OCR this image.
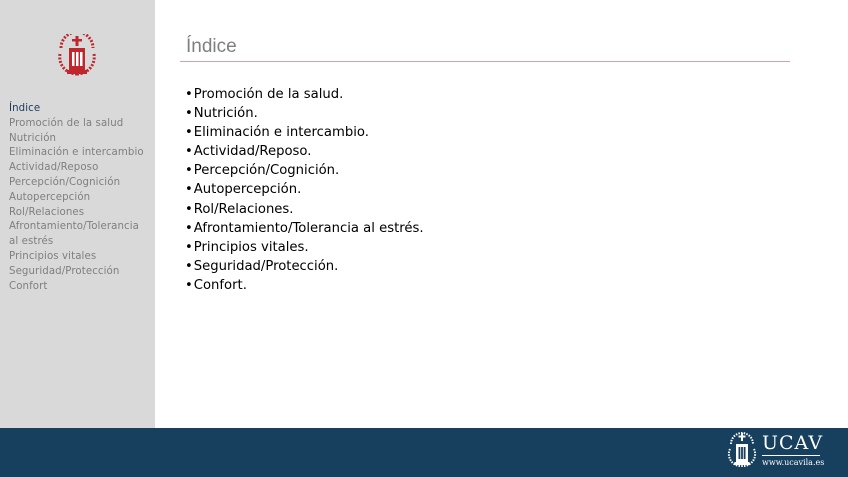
Índice
Promoción de la salud
Nutrición
Eliminación e intercambio
Actividad/Reposo
Percepción/Cognición
Autopercepción
Rol/Relaciones
Afrontamiento/Tolerancia al estrés
Principios vitales
Seguridad/Protección
Confort
Índice
•Promoción de la salud.
•Nutrición.
•Eliminación e intercambio.
•Actividad/Reposo.
•Percepción/Cognición.
•Autopercepción.
•Rol/Relaciones.
•Afrontamiento/Tolerancia al estrés.
•Principios vitales.
•Seguridad/Protección.
•Confort.
UCAV
www.ucavila.es
